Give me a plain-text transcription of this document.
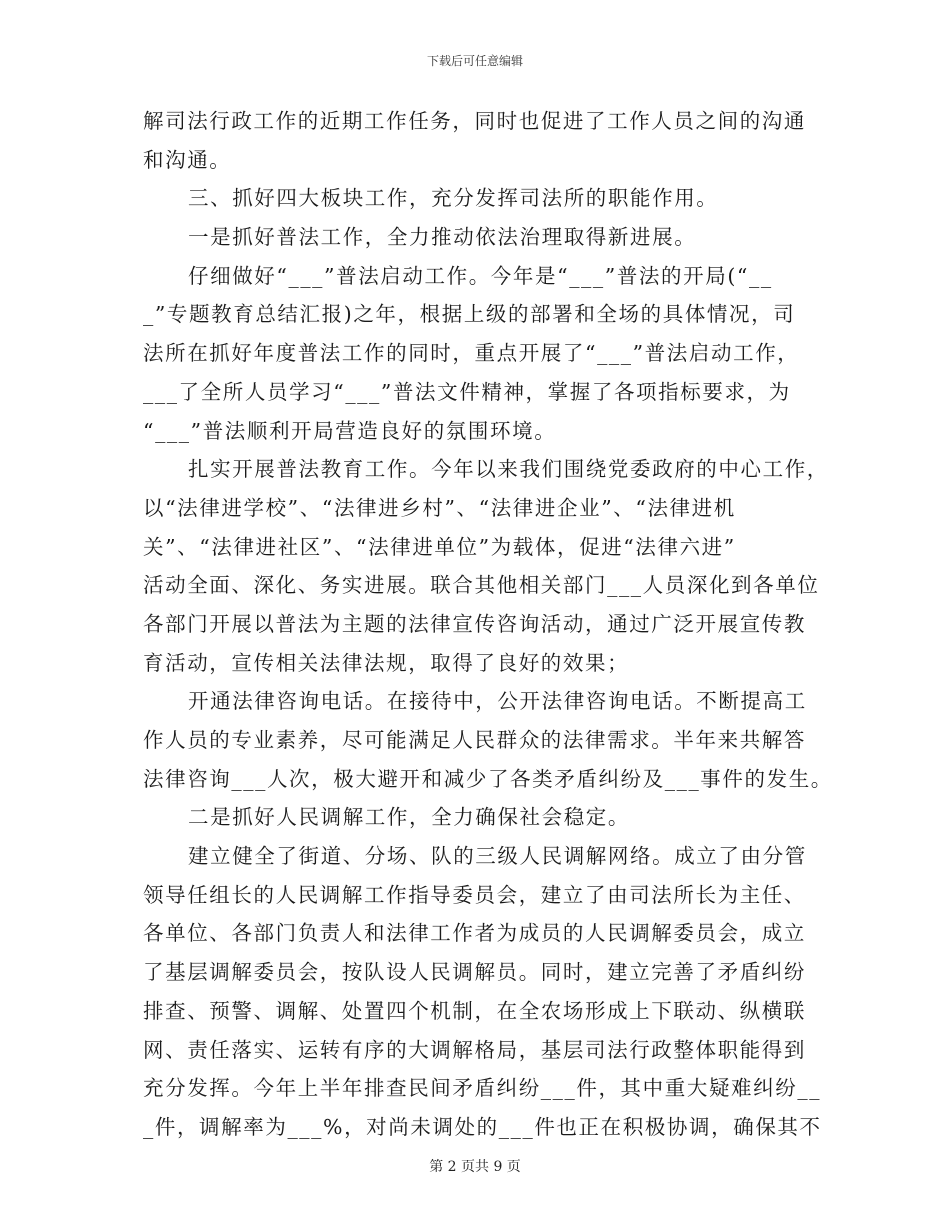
下载后可任意编辑
解司法行政工作的近期工作任务，同时也促进了工作人员之间的沟通
和沟通。
三、抓好四大板块工作，充分发挥司法所的职能作用。
一是抓好普法工作，全力推动依法治理取得新进展。
仔细做好“___”普法启动工作。今年是“___”普法的开局(“__
_”专题教育总结汇报)之年，根据上级的部署和全场的具体情况，司
法所在抓好年度普法工作的同时，重点开展了“___”普法启动工作，
___了全所人员学习“___”普法文件精神，掌握了各项指标要求，为
“___”普法顺利开局营造良好的氛围环境。
扎实开展普法教育工作。今年以来我们围绕党委政府的中心工作，
以“法律进学校”、“法律进乡村”、“法律进企业”、“法律进机
关”、“法律进社区”、“法律进单位”为载体，促进“法律六进”
活动全面、深化、务实进展。联合其他相关部门___人员深化到各单位
各部门开展以普法为主题的法律宣传咨询活动，通过广泛开展宣传教
育活动，宣传相关法律法规，取得了良好的效果；
开通法律咨询电话。在接待中，公开法律咨询电话。不断提高工
作人员的专业素养，尽可能满足人民群众的法律需求。半年来共解答
法律咨询___人次，极大避开和减少了各类矛盾纠纷及___事件的发生。
二是抓好人民调解工作，全力确保社会稳定。
建立健全了街道、分场、队的三级人民调解网络。成立了由分管
领导任组长的人民调解工作指导委员会，建立了由司法所长为主任、
各单位、各部门负责人和法律工作者为成员的人民调解委员会，成立
了基层调解委员会，按队设人民调解员。同时，建立完善了矛盾纠纷
排查、预警、调解、处置四个机制，在全农场形成上下联动、纵横联
网、责任落实、运转有序的大调解格局，基层司法行政整体职能得到
充分发挥。今年上半年排查民间矛盾纠纷___件，其中重大疑难纠纷__
_件，调解率为___%，对尚未调处的___件也正在积极协调，确保其不
第 2 页共 9 页
